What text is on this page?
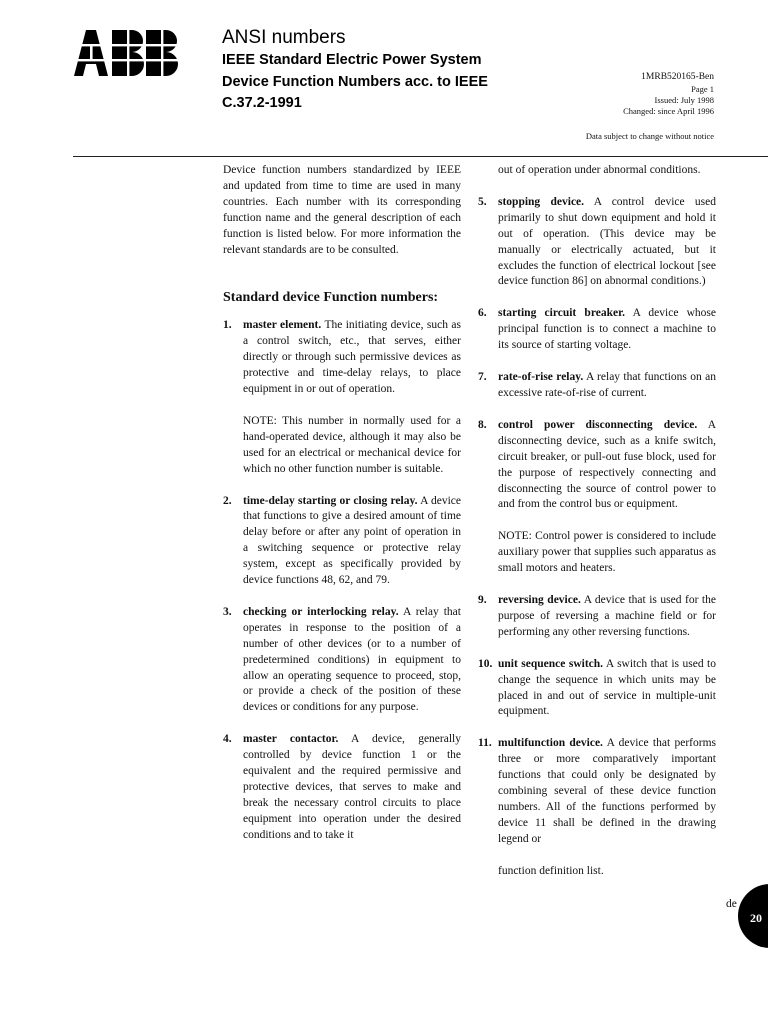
ANSI numbers
IEEE Standard Electric Power System
Device Function Numbers acc. to IEEE
C.37.2-1991
1MRB520165-Ben
Page 1
Issued: July 1998
Changed: since April 1996
Data subject to change without notice

Device function numbers standardized by IEEE and updated from time to time are used in many countries. Each number with its corresponding function name and the general description of each function is listed below. For more information the relevant standards are to be consulted.

Standard device Function numbers:

1. master element. The initiating device, such as a control switch, etc., that serves, either directly or through such permissive devices as protective and time-delay relays, to place equipment in or out of operation.

NOTE: This number in normally used for a hand-operated device, although it may also be used for an electrical or mechanical device for which no other function number is suitable.

2. time-delay starting or closing relay. A device that functions to give a desired amount of time delay before or after any point of operation in a switching sequence or protective relay system, except as specifically provided by device functions 48, 62, and 79.

3. checking or interlocking relay. A relay that operates in response to the position of a number of other devices (or to a number of predetermined conditions) in equipment to allow an operating sequence to proceed, stop, or provide a check of the position of these devices or conditions for any purpose.

4. master contactor. A device, generally controlled by device function 1 or the equivalent and the required permissive and protective devices, that serves to make and break the necessary control circuits to place equipment into operation under the desired conditions and to take it

out of operation under abnormal conditions.

5. stopping device. A control device used primarily to shut down equipment and hold it out of operation. (This device may be manually or electrically actuated, but it excludes the function of electrical lockout [see device function 86] on abnormal conditions.)

6. starting circuit breaker. A device whose principal function is to connect a machine to its source of starting voltage.

7. rate-of-rise relay. A relay that functions on an excessive rate-of-rise of current.

8. control power disconnecting device. A disconnecting device, such as a knife switch, circuit breaker, or pull-out fuse block, used for the purpose of respectively connecting and disconnecting the source of control power to and from the control bus or equipment.

NOTE: Control power is considered to include auxiliary power that supplies such apparatus as small motors and heaters.

9. reversing device. A device that is used for the purpose of reversing a machine field or for performing any other reversing functions.

10. unit sequence switch. A switch that is used to change the sequence in which units may be placed in and out of service in multiple-unit equipment.

11. multifunction device. A device that performs three or more comparatively important functions that could only be designated by combining several of these device function numbers. All of the functions performed by device 11 shall be defined in the drawing legend or

function definition list.

de
20
